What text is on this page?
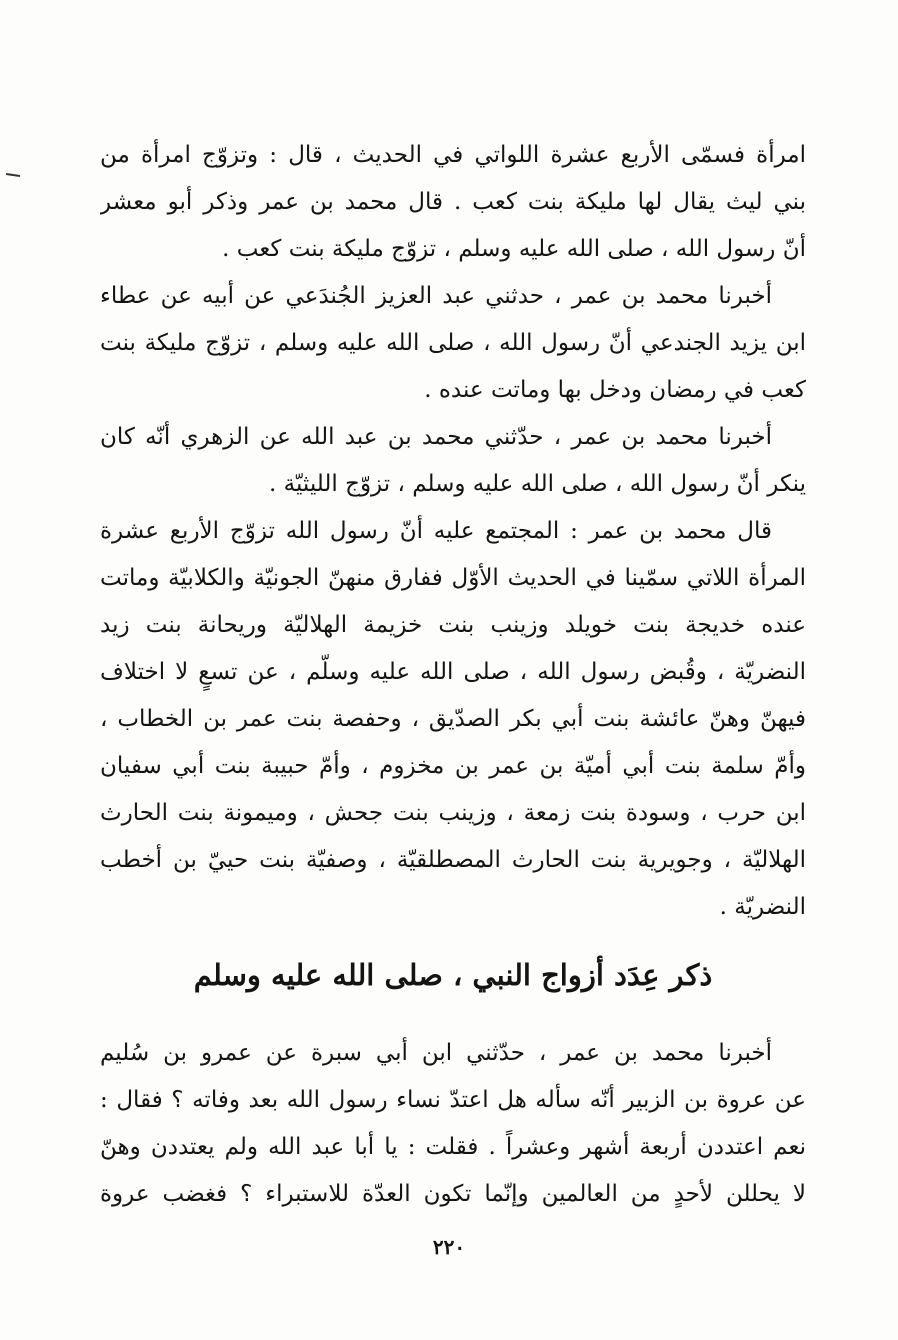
امرأة فسمّى الأربع عشرة اللواتي في الحديث ، قال : وتزوّج امرأة من
بني ليث يقال لها مليكة بنت كعب . قال محمد بن عمر وذكر أبو معشر
أنّ رسول الله ، صلى الله عليه وسلم ، تزوّج مليكة بنت كعب .
أخبرنا محمد بن عمر ، حدثني عبد العزيز الجُندَعي عن أبيه عن عطاء
ابن يزيد الجندعي أنّ رسول الله ، صلى الله عليه وسلم ، تزوّج مليكة بنت
كعب في رمضان ودخل بها وماتت عنده .
أخبرنا محمد بن عمر ، حدّثني محمد بن عبد الله عن الزهري أنّه كان
ينكر أنّ رسول الله ، صلى الله عليه وسلم ، تزوّج الليثيّة .
قال محمد بن عمر : المجتمع عليه أنّ رسول الله تزوّج الأربع عشرة
المرأة اللاتي سمّينا في الحديث الأوّل ففارق منهنّ الجونيّة والكلابيّة وماتت
عنده خديجة بنت خويلد وزينب بنت خزيمة الهلاليّة وريحانة بنت زيد
النضريّة ، وقُبض رسول الله ، صلى الله عليه وسلّم ، عن تسعٍ لا اختلاف
فيهنّ وهنّ عائشة بنت أبي بكر الصدّيق ، وحفصة بنت عمر بن الخطاب ،
وأمّ سلمة بنت أبي أميّة بن عمر بن مخزوم ، وأمّ حبيبة بنت أبي سفيان
ابن حرب ، وسودة بنت زمعة ، وزينب بنت جحش ، وميمونة بنت الحارث
الهلاليّة ، وجويرية بنت الحارث المصطلقيّة ، وصفيّة بنت حييّ بن أخطب
النضريّة .
ذكر عِدَد أزواج النبي ، صلى الله عليه وسلم
أخبرنا محمد بن عمر ، حدّثني ابن أبي سبرة عن عمرو بن سُليم
عن عروة بن الزبير أنّه سأله هل اعتدّ نساء رسول الله بعد وفاته ؟ فقال :
نعم اعتددن أربعة أشهر وعشراً . فقلت : يا أبا عبد الله ولم يعتددن وهنّ
لا يحللن لأحدٍ من العالمين وإنّما تكون العدّة للاستبراء ؟ فغضب عروة
٢٢٠
